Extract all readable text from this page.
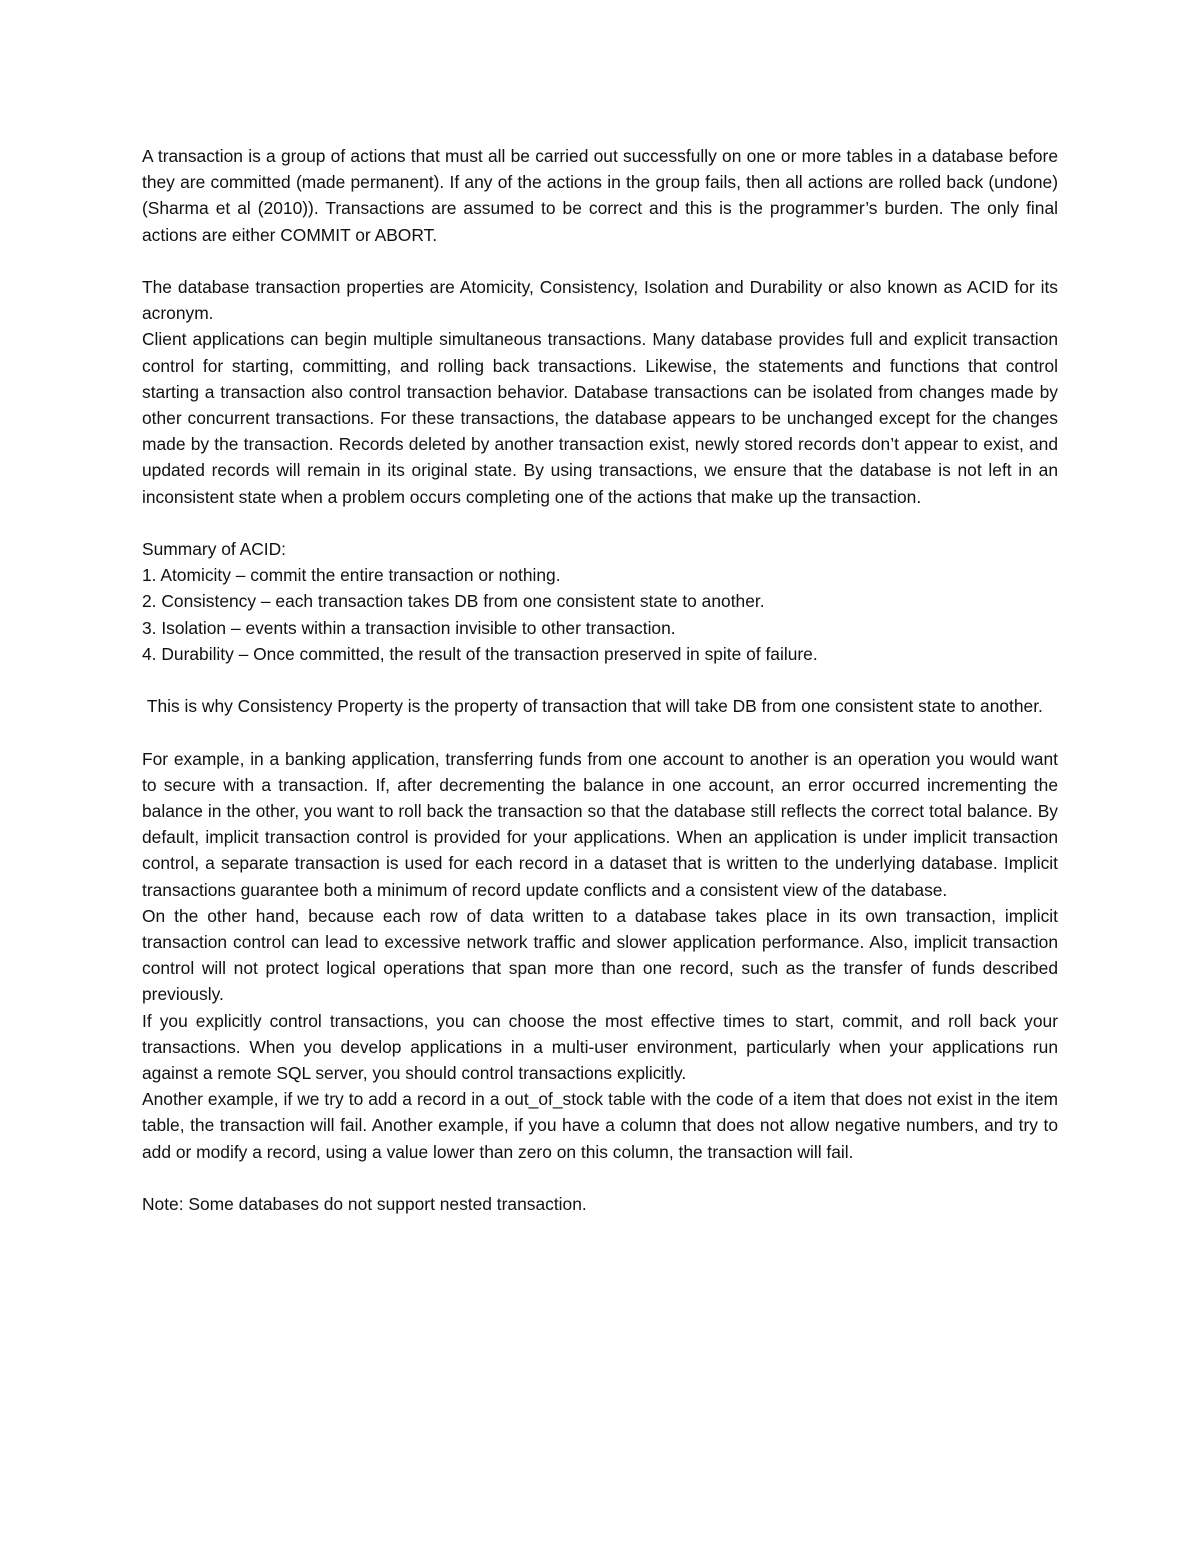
A transaction is a group of actions that must all be carried out successfully on one or more tables in a database before they are committed (made permanent). If any of the actions in the group fails, then all actions are rolled back (undone) (Sharma et al (2010)). Transactions are assumed to be correct and this is the programmer’s burden. The only final actions are either COMMIT or ABORT.

The database transaction properties are Atomicity, Consistency, Isolation and Durability or also known as ACID for its acronym.

Client applications can begin multiple simultaneous transactions. Many database provides full and explicit transaction control for starting, committing, and rolling back transactions. Likewise, the statements and functions that control starting a transaction also control transaction behavior. Database transactions can be isolated from changes made by other concurrent transactions. For these transactions, the database appears to be unchanged except for the changes made by the transaction. Records deleted by another transaction exist, newly stored records don’t appear to exist, and updated records will remain in its original state. By using transactions, we ensure that the database is not left in an inconsistent state when a problem occurs completing one of the actions that make up the transaction.

Summary of ACID:

1. Atomicity – commit the entire transaction or nothing.

2. Consistency – each transaction takes DB from one consistent state to another.

3. Isolation – events within a transaction invisible to other transaction.

4. Durability – Once committed, the result of the transaction preserved in spite of failure.

This is why Consistency Property is the property of transaction that will take DB from one consistent state to another.

For example, in a banking application, transferring funds from one account to another is an operation you would want to secure with a transaction. If, after decrementing the balance in one account, an error occurred incrementing the balance in the other, you want to roll back the transaction so that the database still reflects the correct total balance. By default, implicit transaction control is provided for your applications. When an application is under implicit transaction control, a separate transaction is used for each record in a dataset that is written to the underlying database. Implicit transactions guarantee both a minimum of record update conflicts and a consistent view of the database.

On the other hand, because each row of data written to a database takes place in its own transaction, implicit transaction control can lead to excessive network traffic and slower application performance. Also, implicit transaction control will not protect logical operations that span more than one record, such as the transfer of funds described previously.

If you explicitly control transactions, you can choose the most effective times to start, commit, and roll back your transactions. When you develop applications in a multi-user environment, particularly when your applications run against a remote SQL server, you should control transactions explicitly.

Another example, if we try to add a record in a out_of_stock table with the code of a item that does not exist in the item table, the transaction will fail. Another example, if you have a column that does not allow negative numbers, and try to add or modify a record, using a value lower than zero on this column, the transaction will fail.

Note: Some databases do not support nested transaction.
